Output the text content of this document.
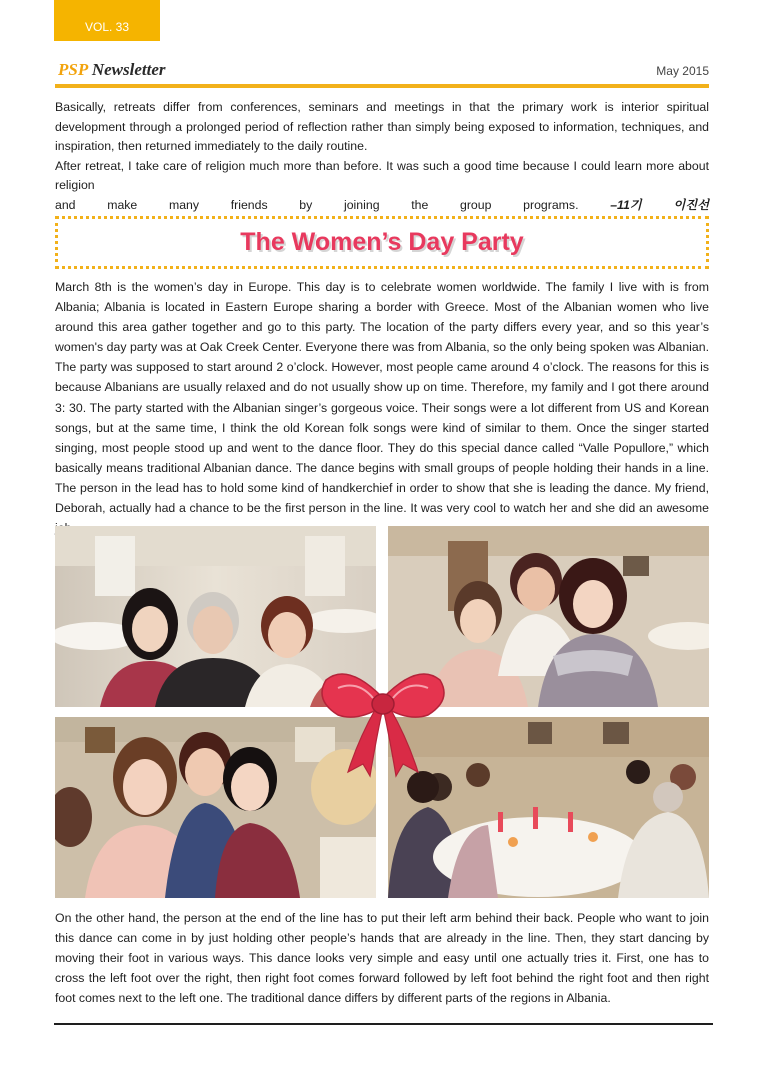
VOL. 33
PSP Newsletter	May 2015

Basically, retreats differ from conferences, seminars and meetings in that the primary work is interior spiritual development through a prolonged period of reflection rather than simply being exposed to information, techniques, and inspiration, then returned immediately to the daily routine.

After retreat, I take care of religion much more than before. It was such a good time because I could learn more about religion

and make many friends by joining the group programs.	–11기 이진선

The Women’s Day Party

March 8th is the women’s day in Europe. This day is to celebrate women worldwide. The family I live with is from Albania; Albania is located in Eastern Europe sharing a border with Greece. Most of the Albanian women who live around this area gather together and go to this party. The location of the party differs every year, and so this year’s women's day party was at Oak Creek Center. Everyone there was from Albania, so the only being spoken was Albanian. The party was supposed to start around 2 o’clock. However, most people came around 4 o’clock. The reasons for this is because Albanians are usually relaxed and do not usually show up on time. Therefore, my family and I got there around 3: 30. The party started with the Albanian singer’s gorgeous voice. Their songs were a lot different from US and Korean songs, but at the same time, I think the old Korean folk songs were kind of similar to them. Once the singer started singing, most people stood up and went to the dance floor. They do this special dance called “Valle Popullore,” which basically means traditional Albanian dance. The dance begins with small groups of people holding their hands in a line. The person in the lead has to hold some kind of handkerchief in order to show that she is leading the dance. My friend, Deborah, actually had a chance to be the first person in the line. It was very cool to watch her and she did an awesome

On the other hand, the person at the end of the line has to put their left arm behind their back. People who want to join this dance can come in by just holding other people’s hands that are already in the line. Then, they start dancing by moving their foot in various ways. This dance looks very simple and easy until one actually tries it. First, one has to cross the left foot over the right, then right foot comes forward followed by left foot behind the right foot and then right foot comes next to the left one. The traditional dance differs by different parts of the regions in Albania.
